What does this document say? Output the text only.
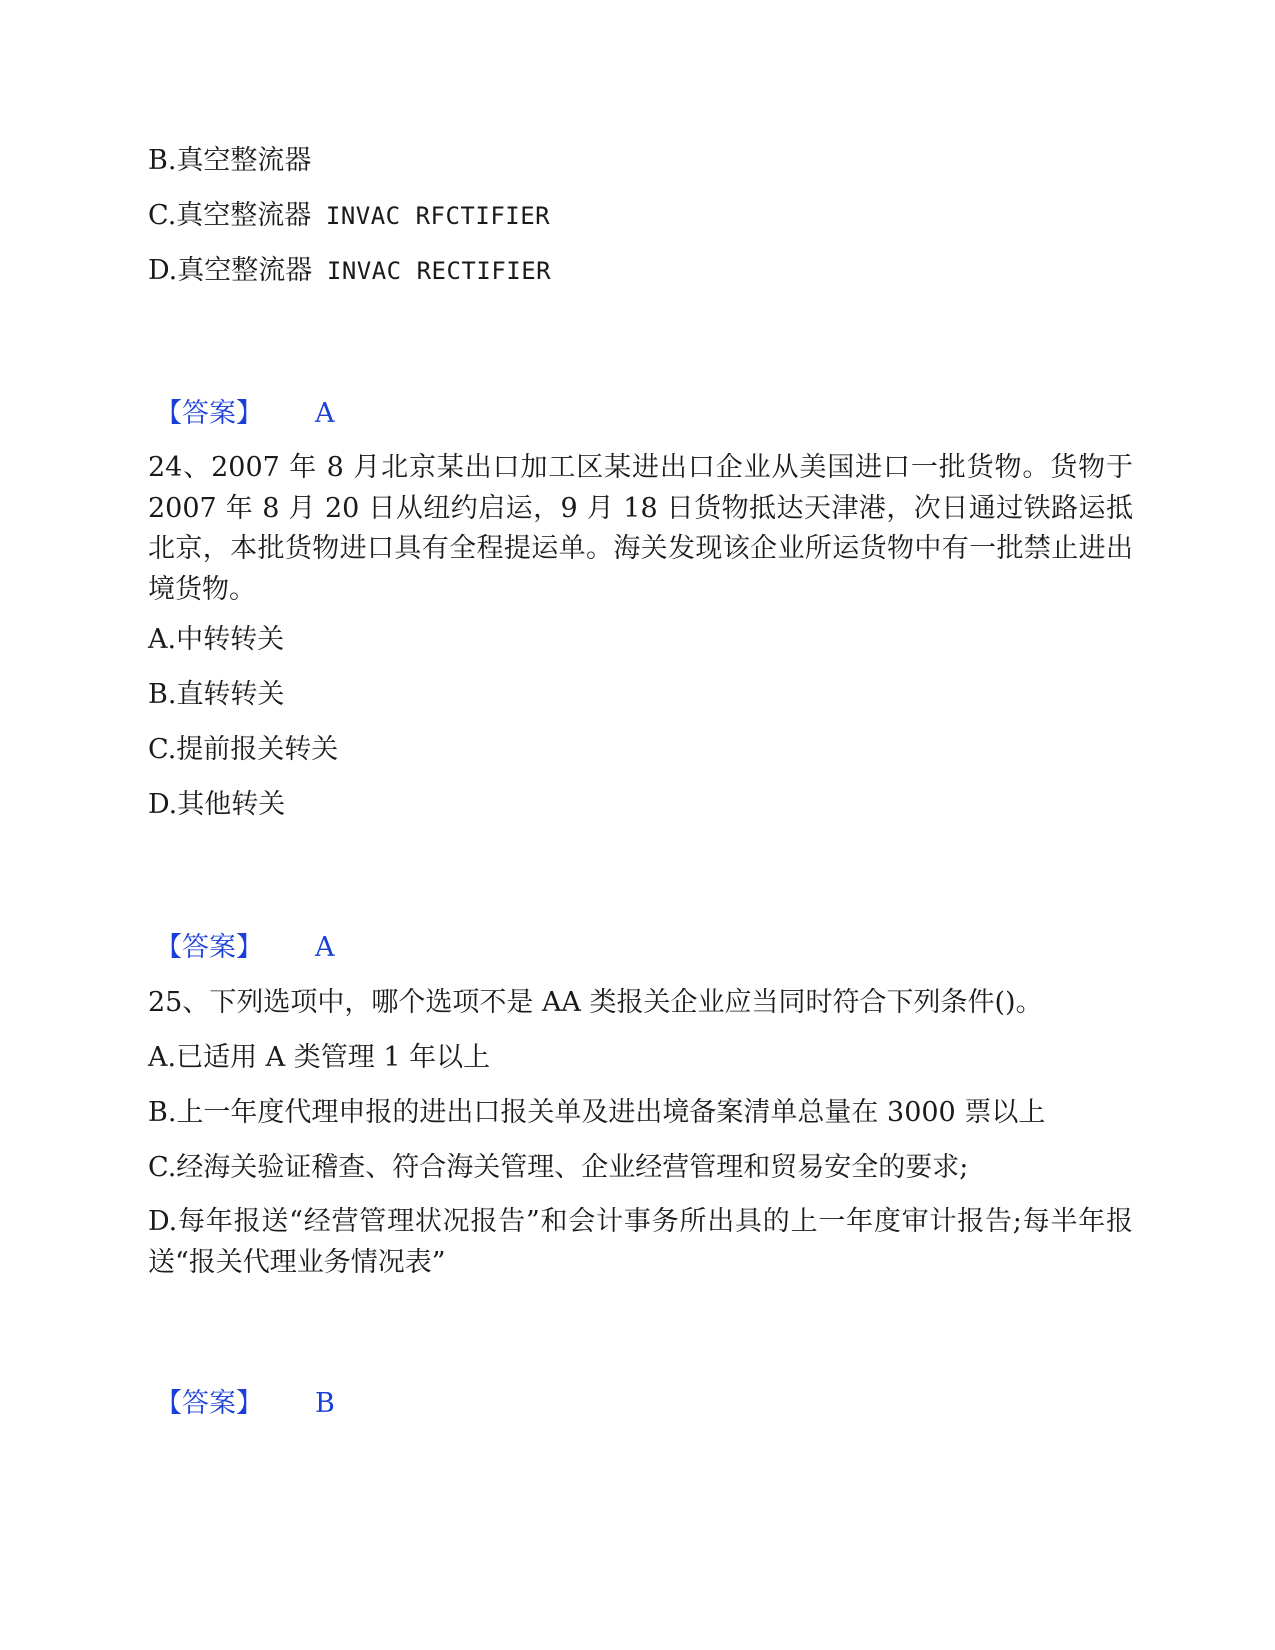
B.真空整流器
C.真空整流器 INVAC RFCTIFIER
D.真空整流器 INVAC RECTIFIER
【答案】 A
24、2007 年 8 月北京某出口加工区某进出口企业从美国进口一批货物。货物于 2007 年 8 月 20 日从纽约启运，9 月 18 日货物抵达天津港，次日通过铁路运抵北京，本批货物进口具有全程提运单。海关发现该企业所运货物中有一批禁止进出境货物。
A.中转转关
B.直转转关
C.提前报关转关
D.其他转关
【答案】 A
25、下列选项中，哪个选项不是 AA 类报关企业应当同时符合下列条件()。
A.已适用 A 类管理 1 年以上
B.上一年度代理申报的进出口报关单及进出境备案清单总量在 3000 票以上
C.经海关验证稽查、符合海关管理、企业经营管理和贸易安全的要求;
D.每年报送“经营管理状况报告”和会计事务所出具的上一年度审计报告;每半年报送“报关代理业务情况表”
【答案】 B
